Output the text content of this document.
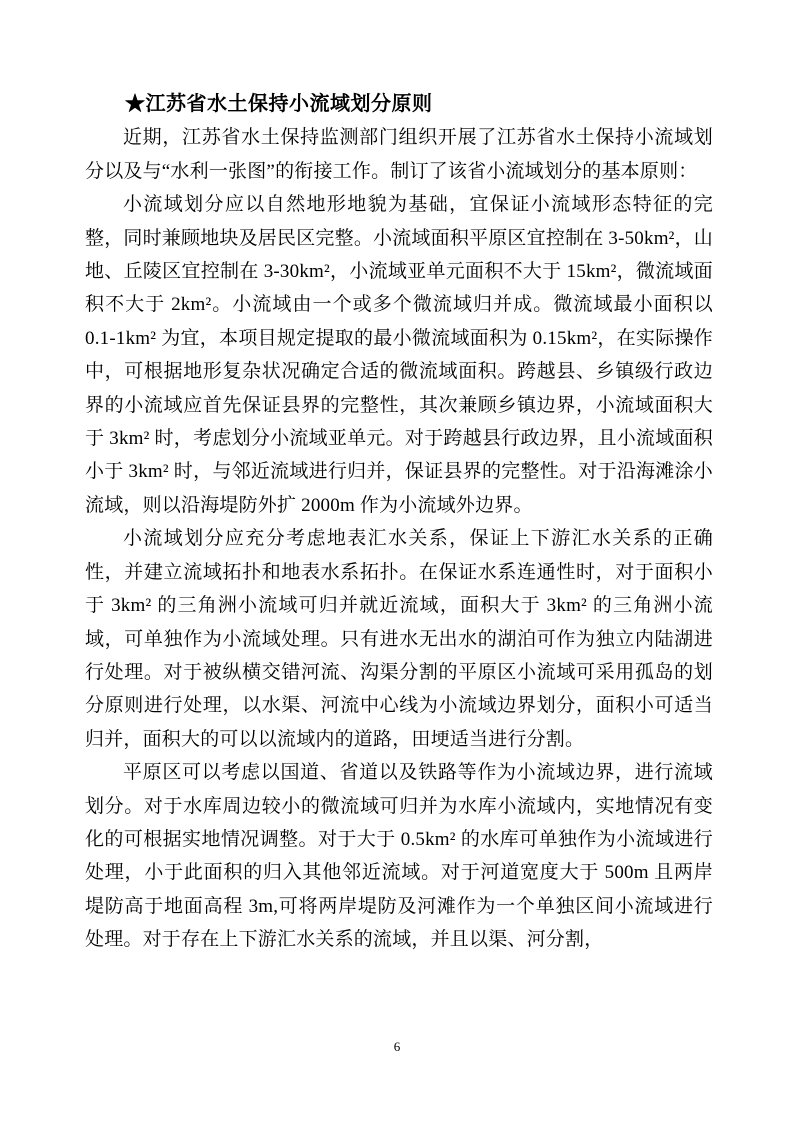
★江苏省水土保持小流域划分原则

近期，江苏省水土保持监测部门组织开展了江苏省水土保持小流域划分以及与“水利一张图”的衔接工作。制订了该省小流域划分的基本原则：

小流域划分应以自然地形地貌为基础，宜保证小流域形态特征的完整，同时兼顾地块及居民区完整。小流域面积平原区宜控制在 3-50km²，山地、丘陵区宜控制在 3-30km²，小流域亚单元面积不大于 15km²，微流域面积不大于 2km²。小流域由一个或多个微流域归并成。微流域最小面积以 0.1-1km² 为宜，本项目规定提取的最小微流域面积为 0.15km²，在实际操作中，可根据地形复杂状况确定合适的微流域面积。跨越县、乡镇级行政边界的小流域应首先保证县界的完整性，其次兼顾乡镇边界，小流域面积大于 3km² 时，考虑划分小流域亚单元。对于跨越县行政边界，且小流域面积小于 3km² 时，与邻近流域进行归并，保证县界的完整性。对于沿海滩涂小流域，则以沿海堤防外扩 2000m 作为小流域外边界。

小流域划分应充分考虑地表汇水关系，保证上下游汇水关系的正确性，并建立流域拓扑和地表水系拓扑。在保证水系连通性时，对于面积小于 3km² 的三角洲小流域可归并就近流域，面积大于 3km² 的三角洲小流域，可单独作为小流域处理。只有进水无出水的湖泊可作为独立内陆湖进行处理。对于被纵横交错河流、沟渠分割的平原区小流域可采用孤岛的划分原则进行处理，以水渠、河流中心线为小流域边界划分，面积小可适当归并，面积大的可以以流域内的道路，田埂适当进行分割。

平原区可以考虑以国道、省道以及铁路等作为小流域边界，进行流域划分。对于水库周边较小的微流域可归并为水库小流域内，实地情况有变化的可根据实地情况调整。对于大于 0.5km² 的水库可单独作为小流域进行处理，小于此面积的归入其他邻近流域。对于河道宽度大于 500m 且两岸堤防高于地面高程 3m,可将两岸堤防及河滩作为一个单独区间小流域进行处理。对于存在上下游汇水关系的流域，并且以渠、河分割，

6
